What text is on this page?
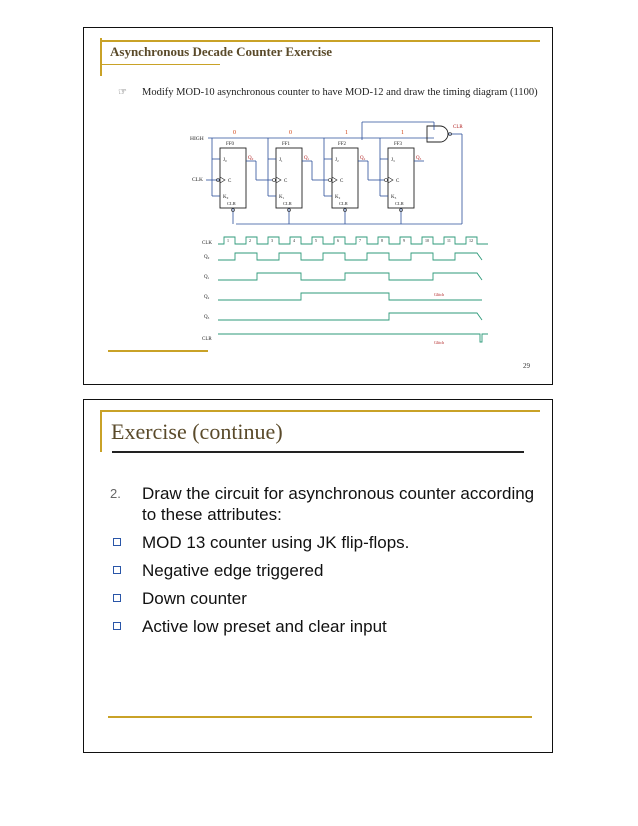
Asynchronous Decade Counter Exercise
☞ Modify MOD-10 asynchronous counter to have MOD-12 and draw the timing diagram (1100)
HIGH
CLK
FF0
J₀
C
K₀
CLR
Q₀
FF1
J₁
C
K₁
CLR
Q₁
FF2
J₂
C
K₂
CLR
Q₂
FF3
J₃
C
K₃
CLR
Q₃
0	0	1	1
CLR
CLK
1	2	3	4	5	6	7	8	9	10	11	12
Q₀
Q₁
Q₂
Q₃
Glitch
Glitch
CLR
29
Exercise (continue)
2. Draw the circuit for asynchronous counter according to these attributes:
MOD 13 counter using JK flip-flops.
Negative edge triggered
Down counter
Active low preset and clear input
